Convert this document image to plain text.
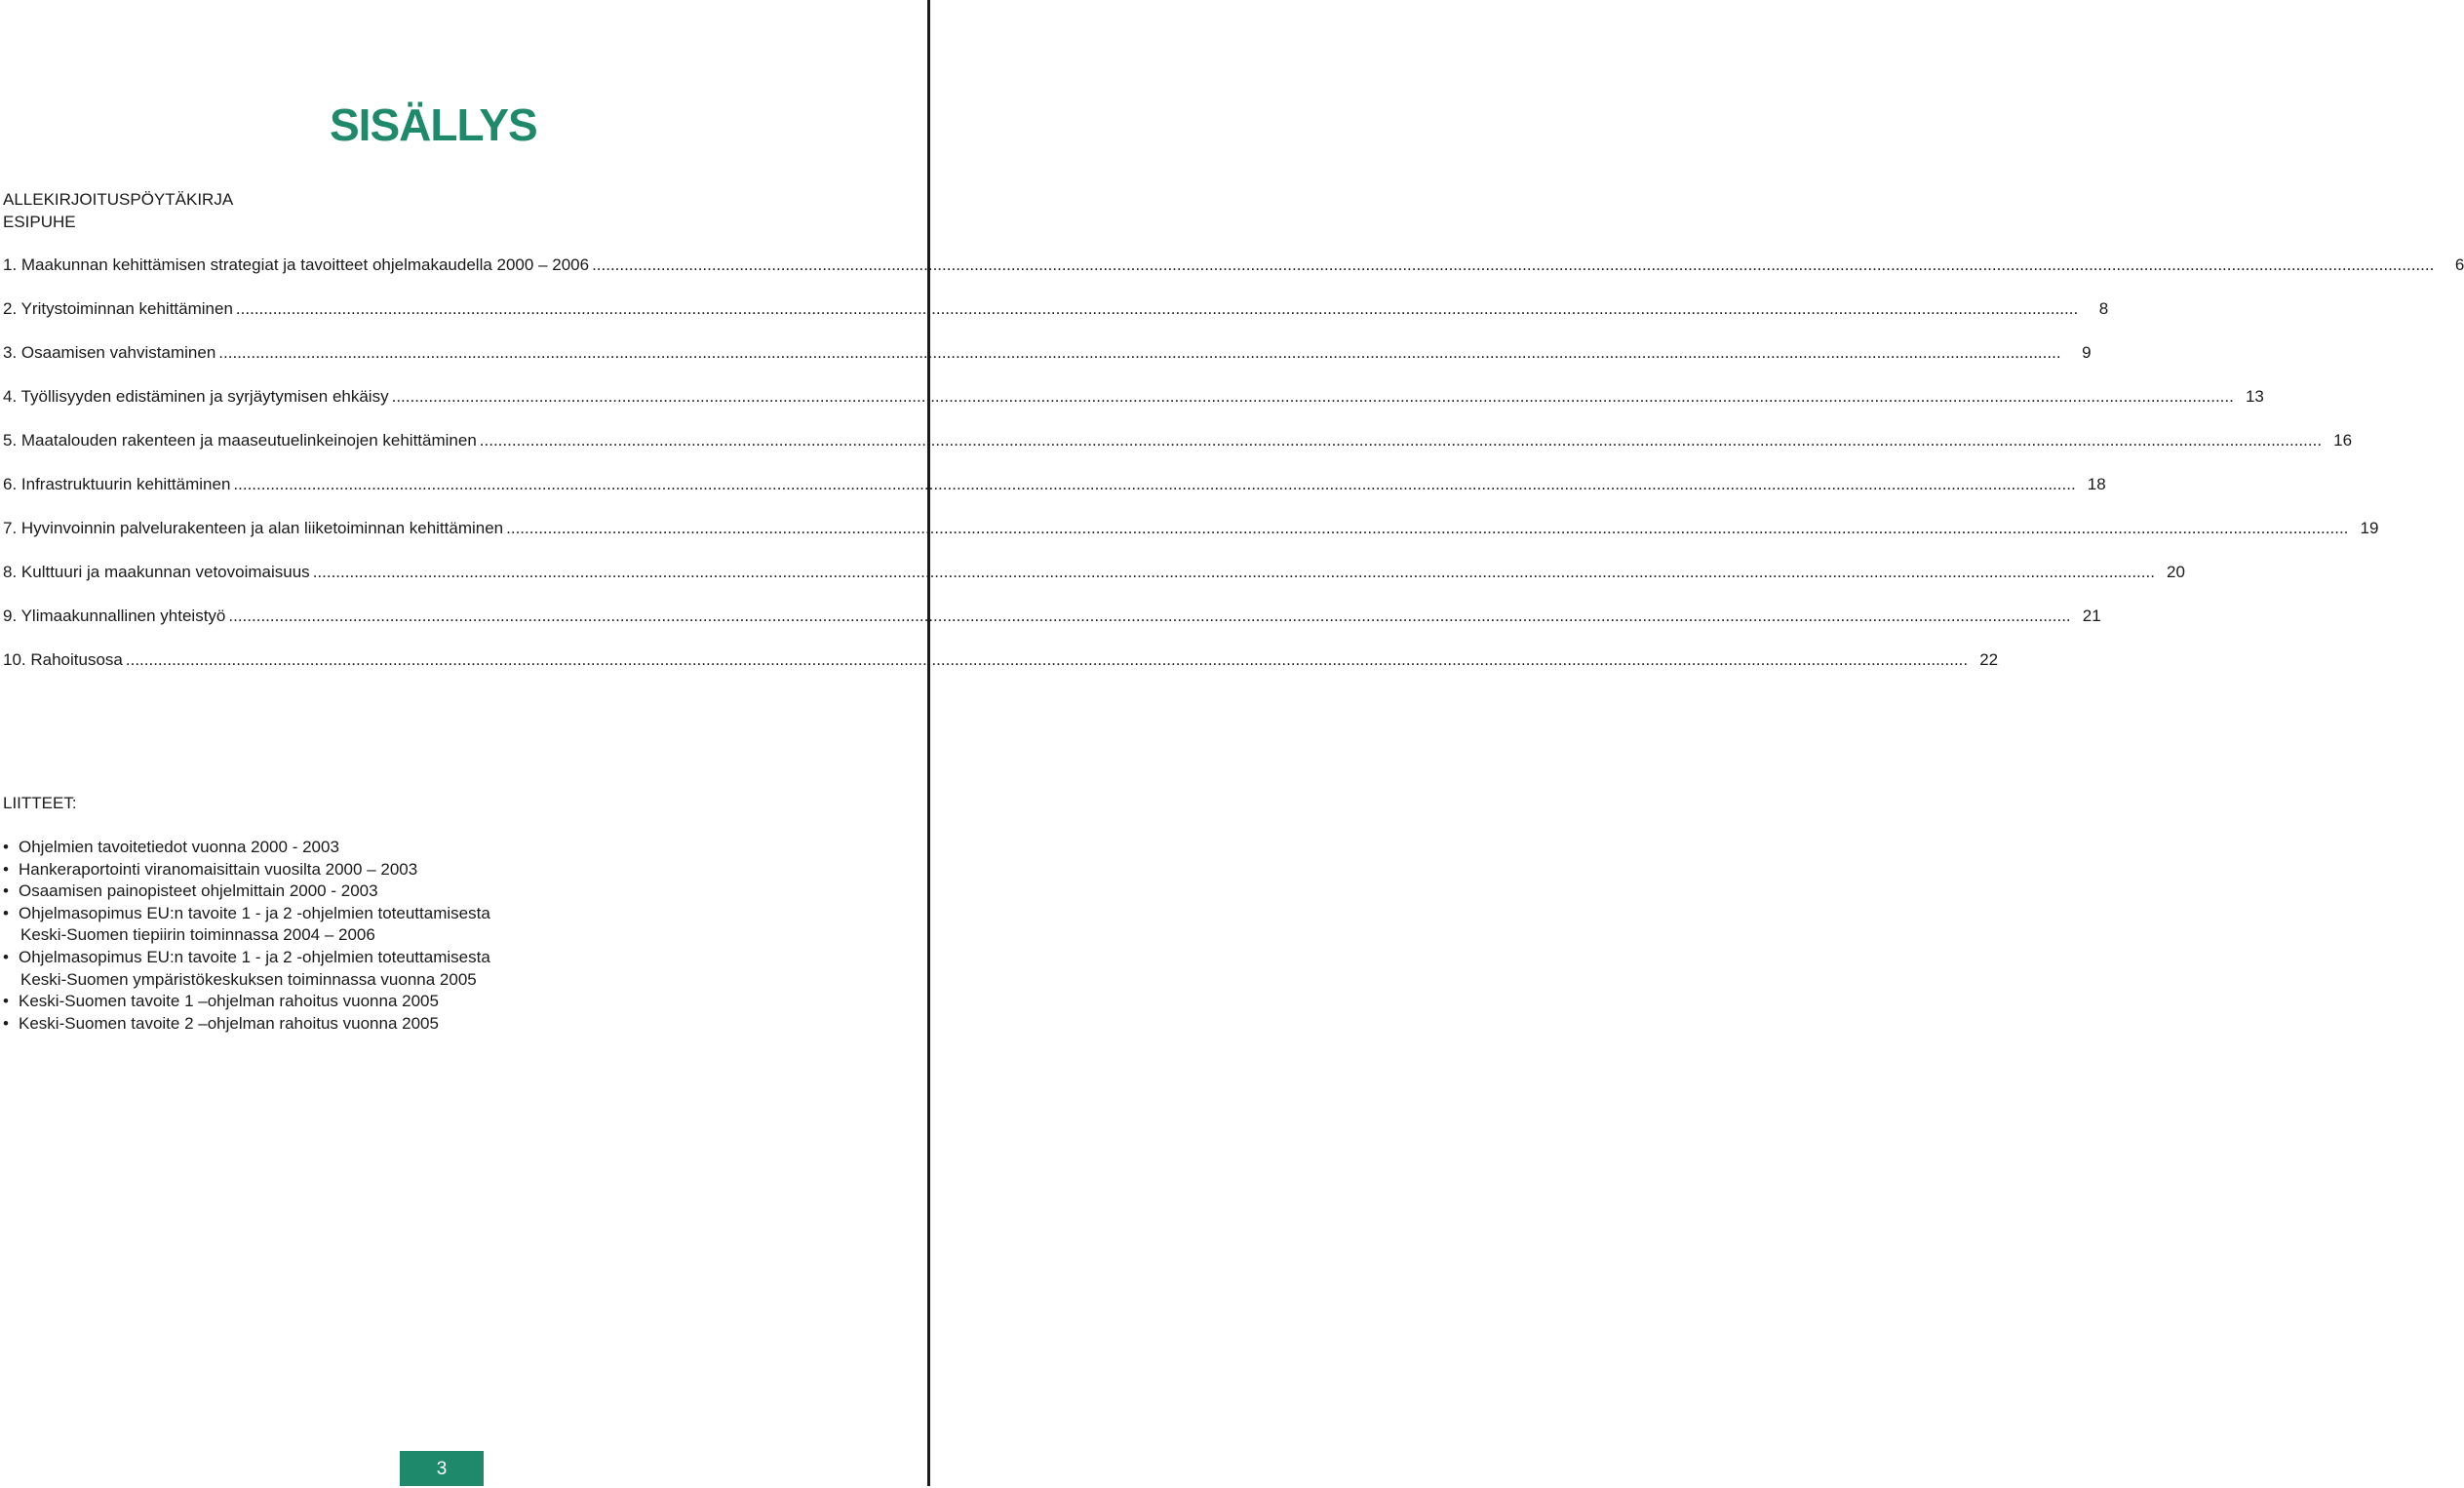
SISÄLLYS
ALLEKIRJOITUSPÖYTÄKIRJA
ESIPUHE
1. Maakunnan kehittämisen strategiat ja tavoitteet ohjelmakaudella 2000 – 2006 ................................................................................................................................................................................................................................................................................................................................................................................................................	6
2. Yritystoiminnan kehittäminen ................................................................................................................................................................................................................................................................................................................................................................................................................	8
3. Osaamisen vahvistaminen ................................................................................................................................................................................................................................................................................................................................................................................................................	9
4. Työllisyyden edistäminen ja syrjäytymisen ehkäisy ................................................................................................................................................................................................................................................................................................................................................................................................................ 13
5. Maatalouden rakenteen ja maaseutuelinkeinojen kehittäminen ................................................................................................................................................................................................................................................................................................................................................................................................................ 16
6. Infrastruktuurin kehittäminen ................................................................................................................................................................................................................................................................................................................................................................................................................ 18
7. Hyvinvoinnin palvelurakenteen ja alan liiketoiminnan kehittäminen ................................................................................................................................................................................................................................................................................................................................................................................................................ 19
8. Kulttuuri ja maakunnan vetovoimaisuus ................................................................................................................................................................................................................................................................................................................................................................................................................ 20
9. Ylimaakunnallinen yhteistyö ................................................................................................................................................................................................................................................................................................................................................................................................................ 21
10. Rahoitusosa ................................................................................................................................................................................................................................................................................................................................................................................................................ 22
LIITTEET:
• Ohjelmien tavoitetiedot vuonna 2000 - 2003
• Hankeraportointi viranomaisittain vuosilta 2000 – 2003
• Osaamisen painopisteet ohjelmittain 2000 - 2003
• Ohjelmasopimus EU:n tavoite 1 - ja 2 -ohjelmien toteuttamisesta
Keski-Suomen tiepiirin toiminnassa 2004 – 2006
• Ohjelmasopimus EU:n tavoite 1 - ja 2 -ohjelmien toteuttamisesta
Keski-Suomen ympäristökeskuksen toiminnassa vuonna 2005
• Keski-Suomen tavoite 1 –ohjelman rahoitus vuonna 2005
• Keski-Suomen tavoite 2 –ohjelman rahoitus vuonna 2005
3
